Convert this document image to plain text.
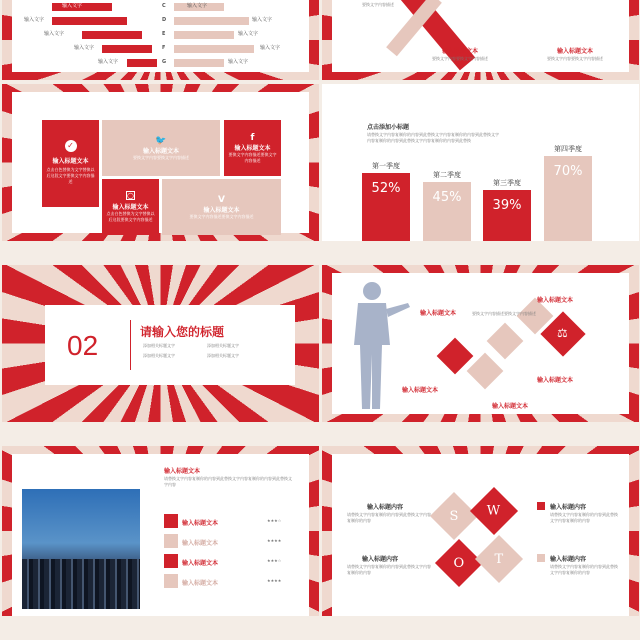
输入文字
输入文字
输入文字
输入文字
输入文字
C
D
E
F
G
输入文字
输入文字
输入文字
输入文字
输入文字
要换文字内容描述
输入标题文本
要换文字内容要换文字内容描述
输入标题文本
要换文字内容要换文字内容描述
✓
输入标题文本
点击白色替换为文字替换以后这段文字要换文字内容描述
🐦
输入标题文本
要换文字内容要换文字内容描述
f
输入标题文本
要换文字内容描述要换文字内容描述
○
输入标题文本
点击白色替换为文字替换以后这段要换文字内容描述
V
输入标题文本
要换文字内容描述要换文字内容描述
点击添加小标题
请替换文字内容复制你的内容到此替换文字内容复制你的内容到此替换文字内容复制你的内容到此替换文字内容复制你的内容到此替换
52%
第一季度
45%
第二季度
39%
第三季度
70%
第四季度
02	请输入您的标题
添加相关标题文字	添加相关标题文字
添加相关标题文字	添加相关标题文字
⚖
输入标题文本
输入标题文本
输入标题文本
输入标题文本
输入标题文本
要换文字内容描述要换文字内容描述
输入标题文本
请替换文字内容复制你的内容到此替换文字内容复制你的内容到此替换文字内容
输入标题文本	★★★☆
输入标题文本	★★★★
输入标题文本	★★★☆
输入标题文本	★★★★
S W
O T
输入标题内容
请替换文字内容复制你的内容到此替换文字内容复制你的内容
输入标题内容
请替换文字内容复制你的内容到此替换文字内容复制你的内容
输入标题内容
请替换文字内容复制你的内容到此替换文字内容复制你的内容
输入标题内容
请替换文字内容复制你的内容到此替换文字内容复制你的内容
